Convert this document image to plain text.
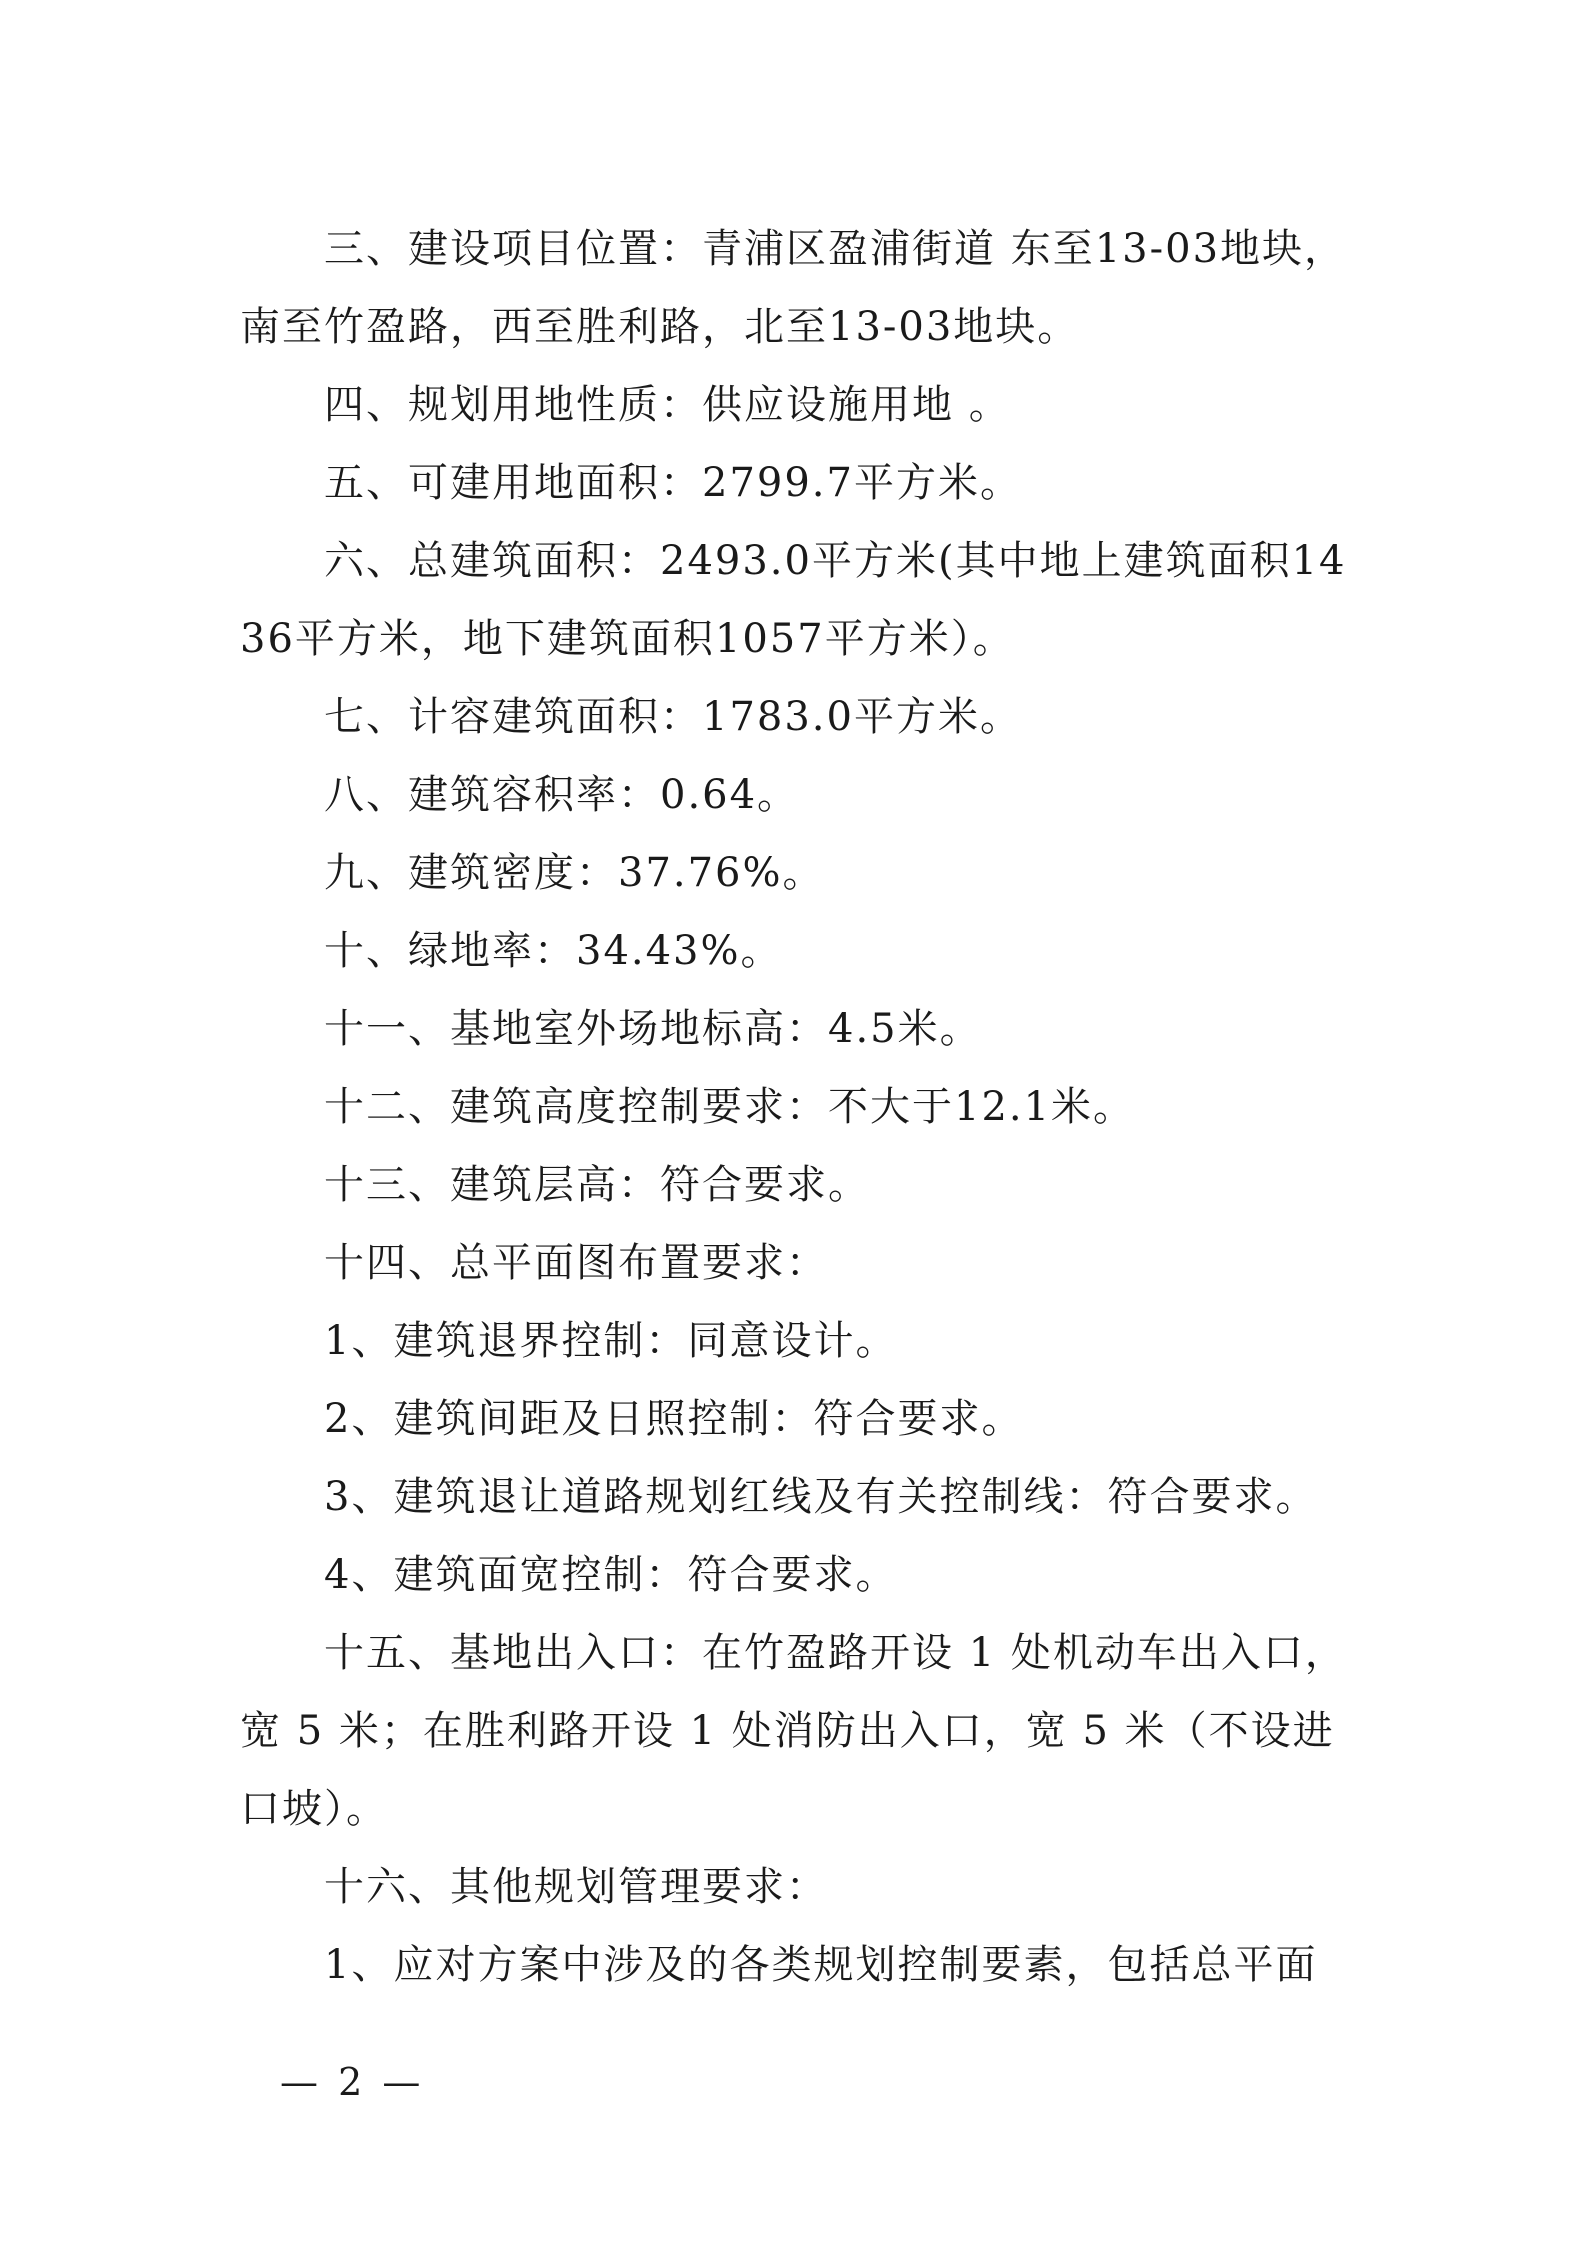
三、建设项目位置：青浦区盈浦街道 东至13-03地块，南至竹盈路，西至胜利路，北至13-03地块。

四、规划用地性质：供应设施用地 。

五、可建用地面积：2799.7平方米。

六、总建筑面积：2493.0平方米(其中地上建筑面积1436平方米，地下建筑面积1057平方米）。

七、计容建筑面积：1783.0平方米。

八、建筑容积率：0.64。

九、建筑密度：37.76%。

十、绿地率：34.43%。

十一、基地室外场地标高：4.5米。

十二、建筑高度控制要求：不大于12.1米。

十三、建筑层高：符合要求。

十四、总平面图布置要求：

1、建筑退界控制：同意设计。

2、建筑间距及日照控制：符合要求。

3、建筑退让道路规划红线及有关控制线：符合要求。

4、建筑面宽控制：符合要求。

十五、基地出入口：在竹盈路开设 1 处机动车出入口，宽 5 米；在胜利路开设 1 处消防出入口，宽 5 米（不设进口坡）。

十六、其他规划管理要求：

1、应对方案中涉及的各类规划控制要素，包括总平面

— 2 —
